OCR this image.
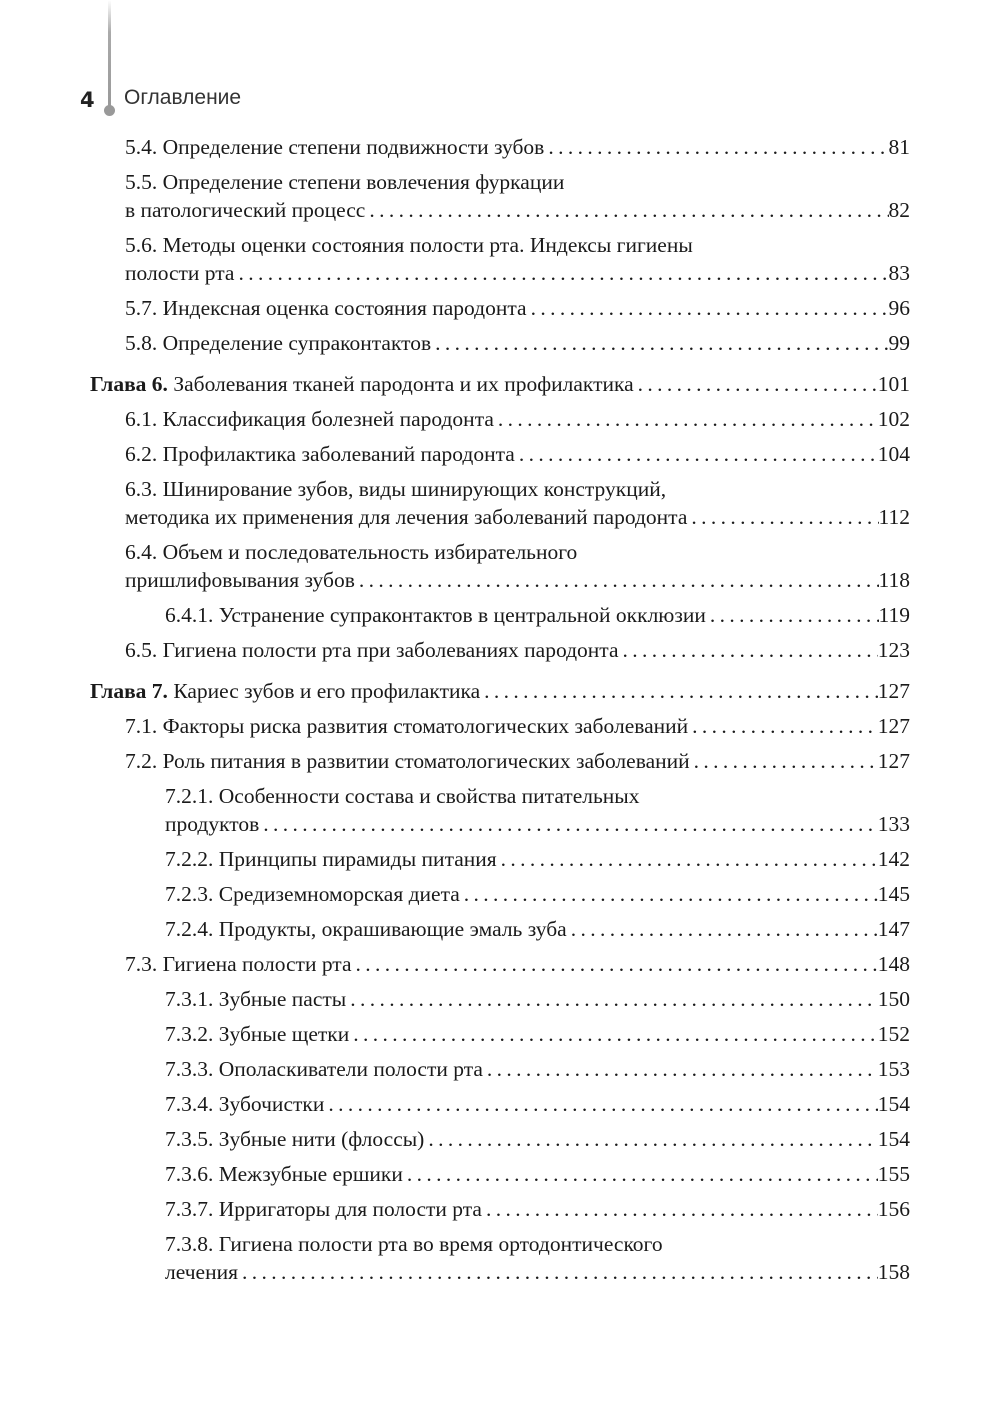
4 Оглавление
5.4. Определение степени подвижности зубов . . .	81
5.5. Определение степени вовлечения фуркации
в патологический процесс . . .	82
5.6. Методы оценки состояния полости рта. Индексы гигиены
полости рта . . .	83
5.7. Индексная оценка состояния пародонта . . .	96
5.8. Определение супраконтактов . . .	99
Глава 6. Заболевания тканей пародонта и их профилактика . . .	101
6.1. Классификация болезней пародонта . . .	102
6.2. Профилактика заболеваний пародонта . . .	104
6.3. Шинирование зубов, виды шинирующих конструкций,
методика их применения для лечения заболеваний пародонта . . .	112
6.4. Объем и последовательность избирательного
пришлифовывания зубов . . .	118
6.4.1. Устранение супраконтактов в центральной окклюзии . . .	119
6.5. Гигиена полости рта при заболеваниях пародонта . . .	123
Глава 7. Кариес зубов и его профилактика . . .	127
7.1. Факторы риска развития стоматологических заболеваний . . .	127
7.2. Роль питания в развитии стоматологических заболеваний . . .	127
7.2.1. Особенности состава и свойства питательных
продуктов . . .	133
7.2.2. Принципы пирамиды питания . . .	142
7.2.3. Средиземноморская диета . . .	145
7.2.4. Продукты, окрашивающие эмаль зуба . . .	147
7.3. Гигиена полости рта . . .	148
7.3.1. Зубные пасты . . .	150
7.3.2. Зубные щетки . . .	152
7.3.3. Ополаскиватели полости рта . . .	153
7.3.4. Зубочистки . . .	154
7.3.5. Зубные нити (флоссы) . . .	154
7.3.6. Межзубные ершики . . .	155
7.3.7. Ирригаторы для полости рта . . .	156
7.3.8. Гигиена полости рта во время ортодонтического
лечения . . .	158
